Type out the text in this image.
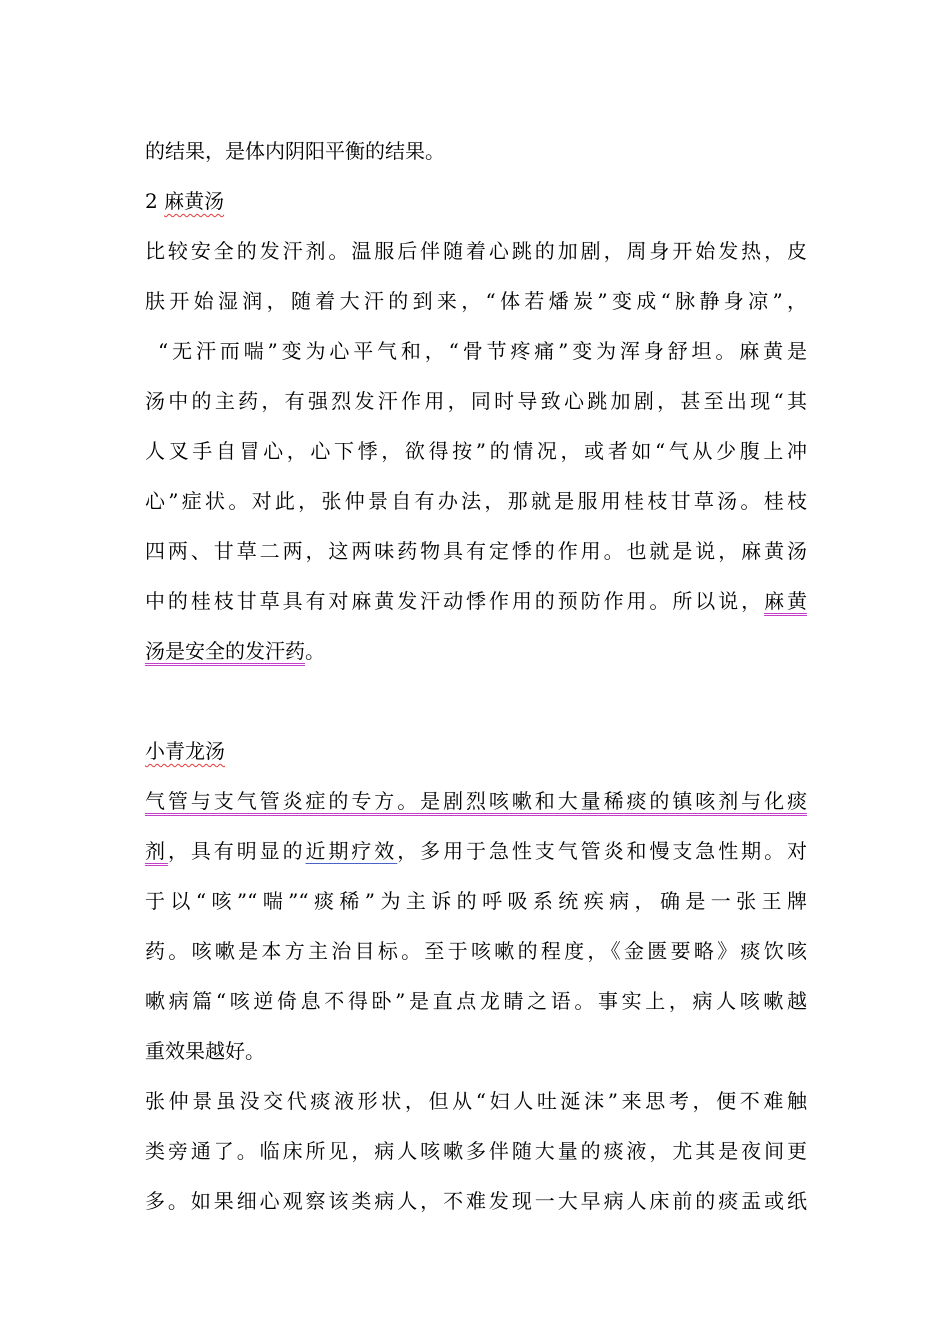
的结果，是体内阴阳平衡的结果。
2 麻黄汤
比较安全的发汗剂。温服后伴随着心跳的加剧，周身开始发热，皮
肤开始湿润，随着大汗的到来，“体若燔炭”变成“脉静身凉”，
“无汗而喘”变为心平气和，“骨节疼痛”变为浑身舒坦。麻黄是
汤中的主药，有强烈发汗作用，同时导致心跳加剧，甚至出现“其
人叉手自冒心，心下悸，欲得按”的情况，或者如“气从少腹上冲
心”症状。对此，张仲景自有办法，那就是服用桂枝甘草汤。桂枝
四两、甘草二两，这两味药物具有定悸的作用。也就是说，麻黄汤
中的桂枝甘草具有对麻黄发汗动悸作用的预防作用。所以说，麻黄
汤是安全的发汗药。
小青龙汤
气管与支气管炎症的专方。是剧烈咳嗽和大量稀痰的镇咳剂与化痰
剂，具有明显的近期疗效，多用于急性支气管炎和慢支急性期。对
于以“咳”“喘”“痰稀”为主诉的呼吸系统疾病，确是一张王牌
药。咳嗽是本方主治目标。至于咳嗽的程度，《金匮要略》痰饮咳
嗽病篇“咳逆倚息不得卧”是直点龙睛之语。事实上，病人咳嗽越
重效果越好。
张仲景虽没交代痰液形状，但从“妇人吐涎沫”来思考，便不难触
类旁通了。临床所见，病人咳嗽多伴随大量的痰液，尤其是夜间更
多。如果细心观察该类病人，不难发现一大早病人床前的痰盂或纸
